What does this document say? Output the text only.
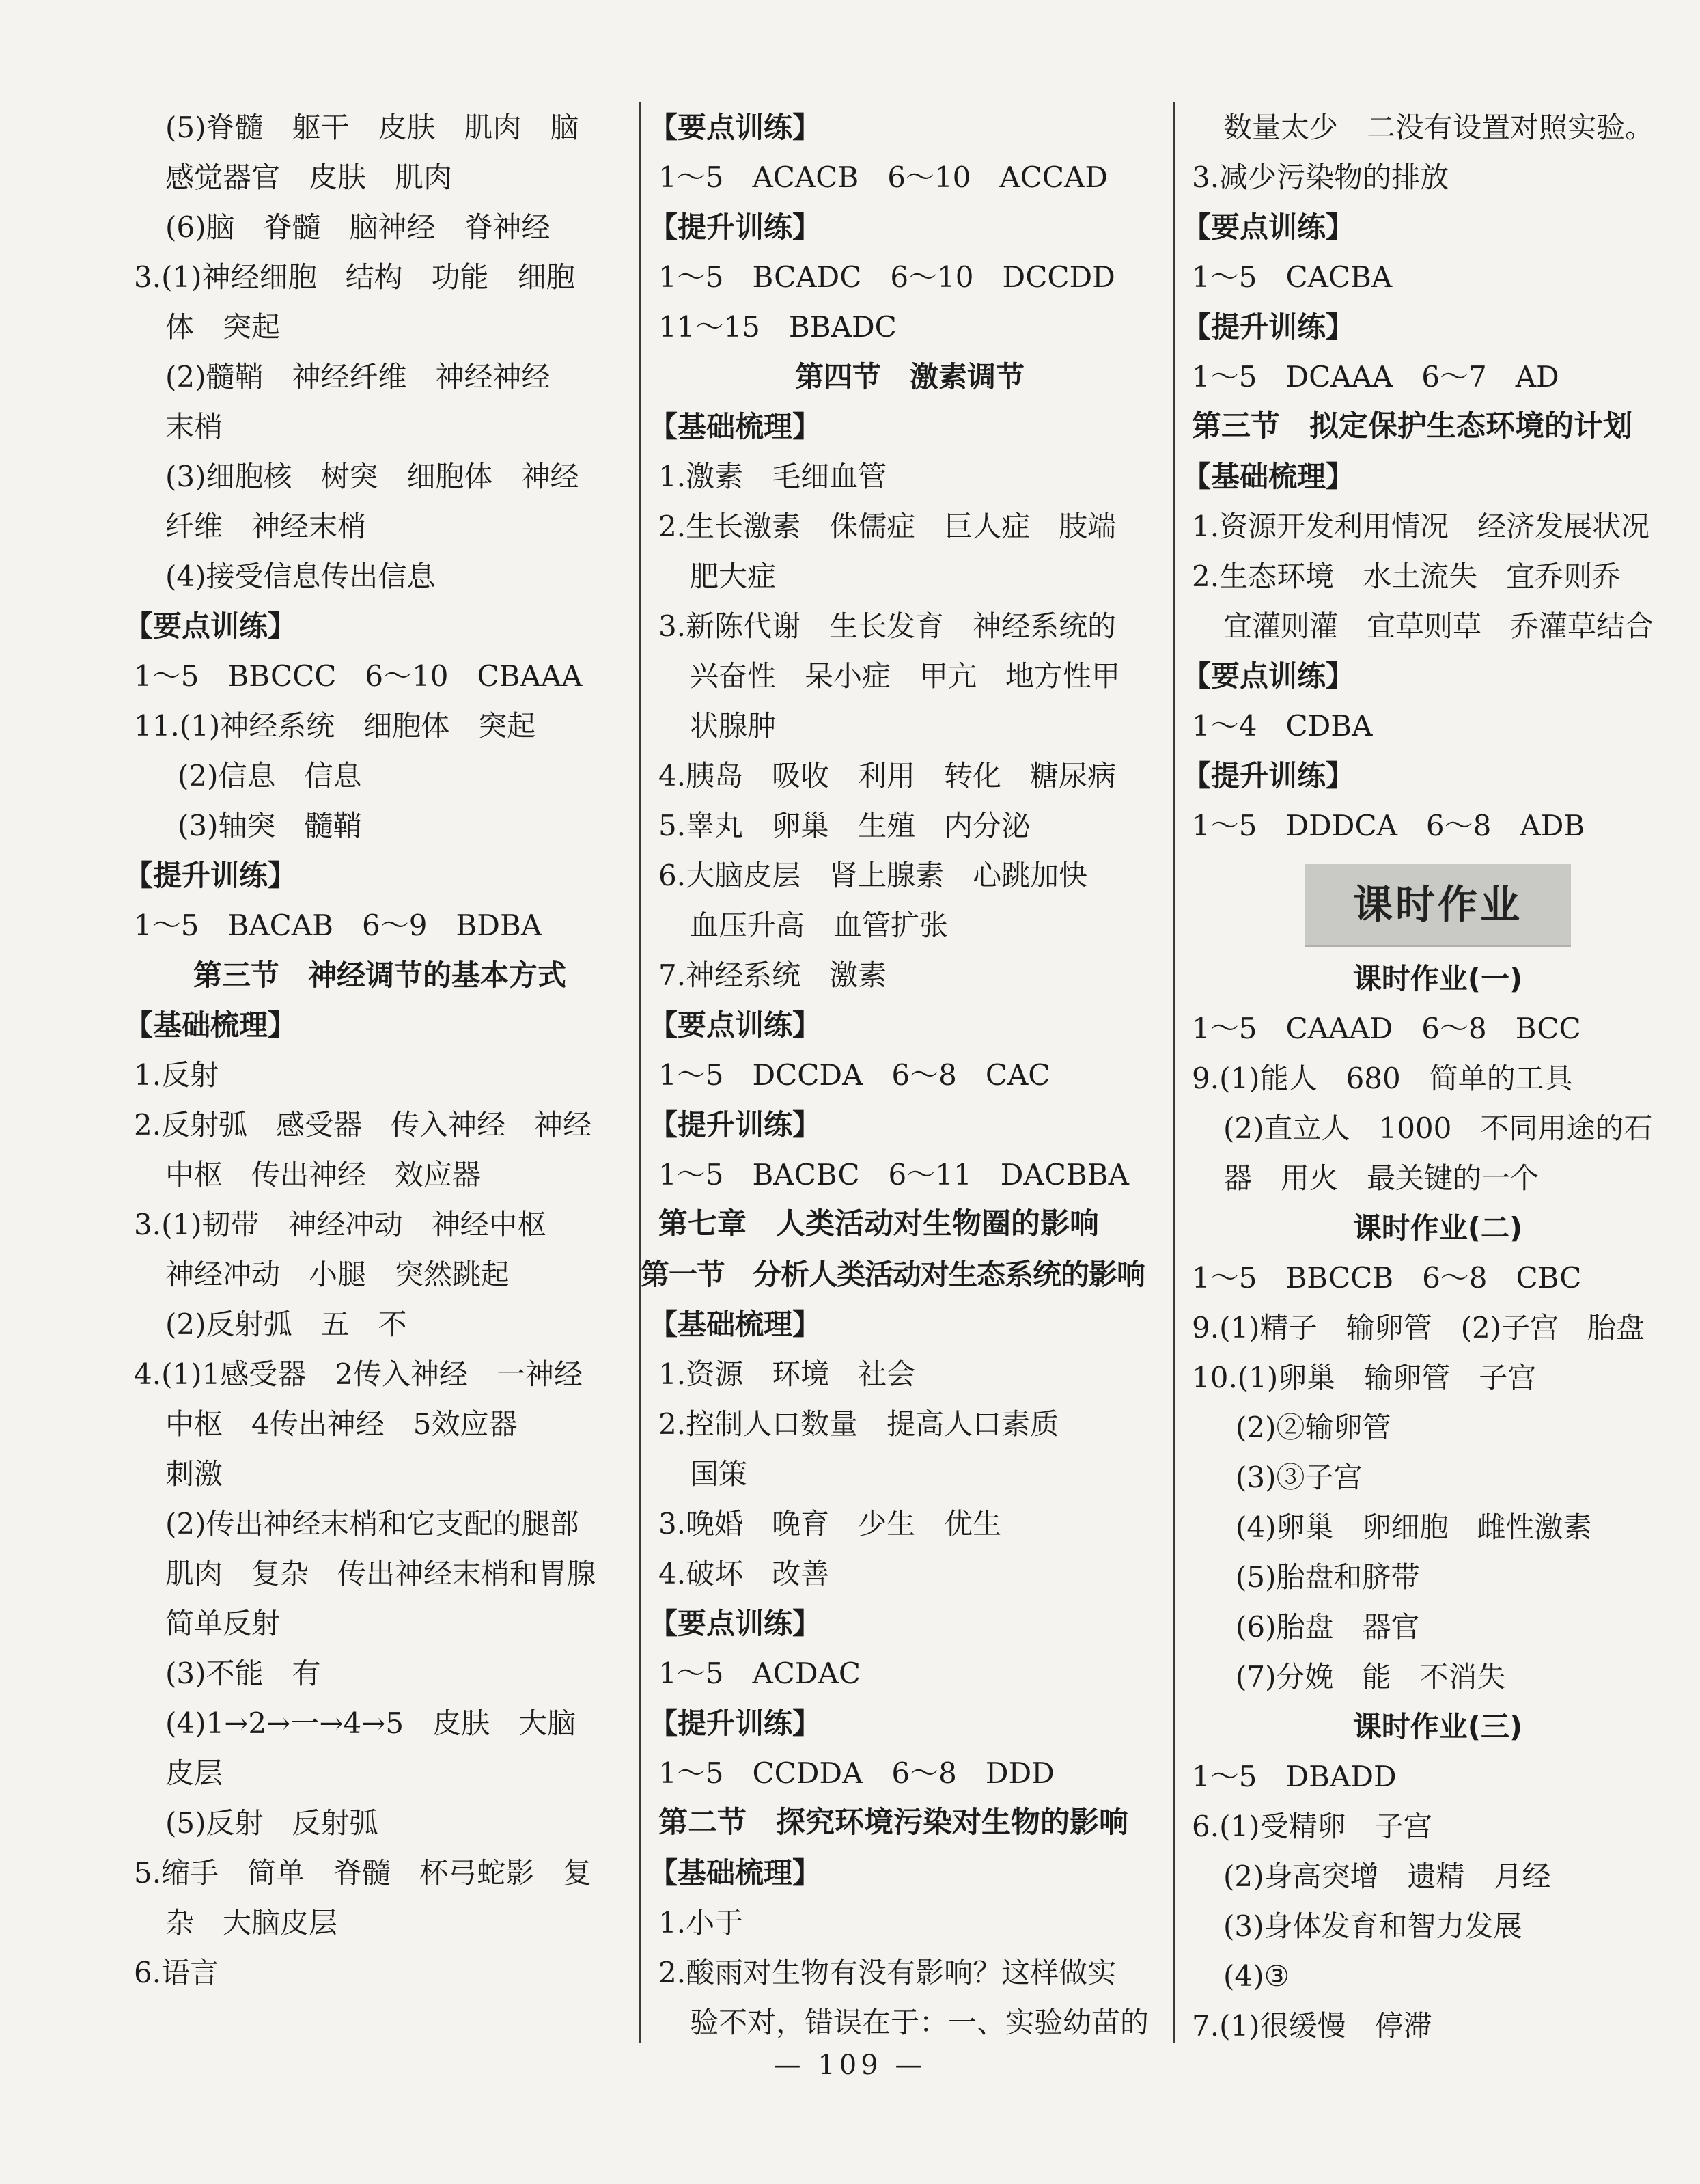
(5)脊髓　躯干　皮肤　肌肉　脑
感觉器官　皮肤　肌肉
(6)脑　脊髓　脑神经　脊神经
3.(1)神经细胞　结构　功能　细胞
体　突起
(2)髓鞘　神经纤维　神经神经
末梢
(3)细胞核　树突　细胞体　神经
纤维　神经末梢
(4)接受信息传出信息
【要点训练】
1～5　BBCCC　6～10　CBAAA
11.(1)神经系统　细胞体　突起
(2)信息　信息
(3)轴突　髓鞘
【提升训练】
1～5　BACAB　6～9　BDBA
第三节　神经调节的基本方式
【基础梳理】
1.反射
2.反射弧　感受器　传入神经　神经
中枢　传出神经　效应器
3.(1)韧带　神经冲动　神经中枢
神经冲动　小腿　突然跳起
(2)反射弧　五　不
4.(1)1感受器　2传入神经　一神经
中枢　4传出神经　5效应器
刺激
(2)传出神经末梢和它支配的腿部
肌肉　复杂　传出神经末梢和胃腺
简单反射
(3)不能　有
(4)1→2→一→4→5　皮肤　大脑
皮层
(5)反射　反射弧
5.缩手　简单　脊髓　杯弓蛇影　复
杂　大脑皮层
6.语言
【要点训练】
1～5　ACACB　6～10　ACCAD
【提升训练】
1～5　BCADC　6～10　DCCDD
11～15　BBADC
第四节　激素调节
【基础梳理】
1.激素　毛细血管
2.生长激素　侏儒症　巨人症　肢端
肥大症
3.新陈代谢　生长发育　神经系统的
兴奋性　呆小症　甲亢　地方性甲
状腺肿
4.胰岛　吸收　利用　转化　糖尿病
5.睾丸　卵巢　生殖　内分泌
6.大脑皮层　肾上腺素　心跳加快
血压升高　血管扩张
7.神经系统　激素
【要点训练】
1～5　DCCDA　6～8　CAC
【提升训练】
1～5　BACBC　6～11　DACBBA
第七章　人类活动对生物圈的影响
第一节　分析人类活动对生态系统的影响
【基础梳理】
1.资源　环境　社会
2.控制人口数量　提高人口素质
国策
3.晚婚　晚育　少生　优生
4.破坏　改善
【要点训练】
1～5　ACDAC
【提升训练】
1～5　CCDDA　6～8　DDD
第二节　探究环境污染对生物的影响
【基础梳理】
1.小于
2.酸雨对生物有没有影响？这样做实
验不对，错误在于：一、实验幼苗的
数量太少　二没有设置对照实验。
3.减少污染物的排放
【要点训练】
1～5　CACBA
【提升训练】
1～5　DCAAA　6～7　AD
第三节　拟定保护生态环境的计划
【基础梳理】
1.资源开发利用情况　经济发展状况
2.生态环境　水土流失　宜乔则乔
宜灌则灌　宜草则草　乔灌草结合
【要点训练】
1～4　CDBA
【提升训练】
1～5　DDDCA　6～8　ADB
课时作业
课时作业(一)
1～5　CAAAD　6～8　BCC
9.(1)能人　680　简单的工具
(2)直立人　1000　不同用途的石
器　用火　最关键的一个
课时作业(二)
1～5　BBCCB　6～8　CBC
9.(1)精子　输卵管　(2)子宫　胎盘
10.(1)卵巢　输卵管　子宫
(2)②输卵管
(3)③子宫
(4)卵巢　卵细胞　雌性激素
(5)胎盘和脐带
(6)胎盘　器官
(7)分娩　能　不消失
课时作业(三)
1～5　DBADD
6.(1)受精卵　子宫
(2)身高突增　遗精　月经
(3)身体发育和智力发展
(4)③
7.(1)很缓慢　停滞
— 109 —
